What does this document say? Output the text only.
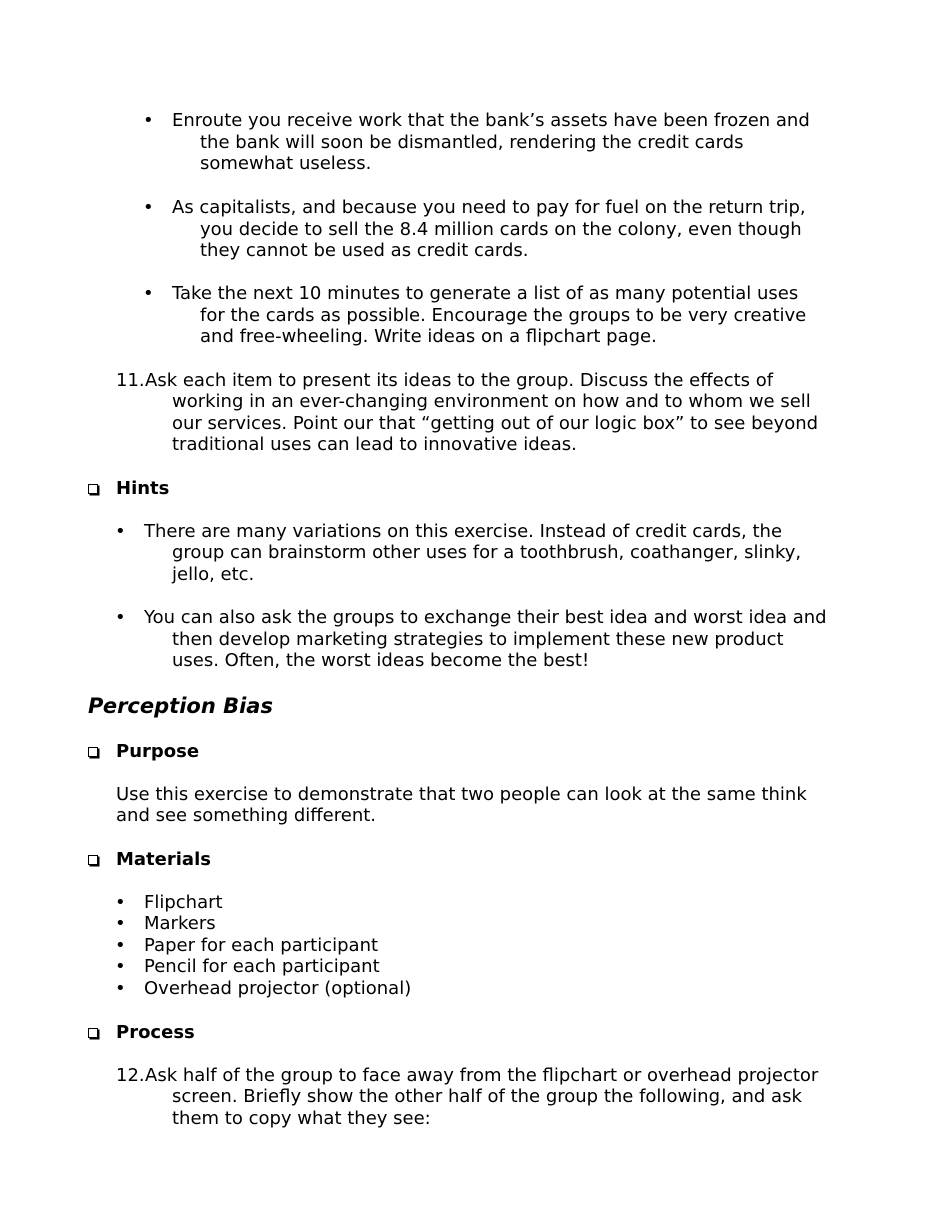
• Enroute you receive work that the bank’s assets have been frozen and
the bank will soon be dismantled, rendering the credit cards
somewhat useless.
• As capitalists, and because you need to pay for fuel on the return trip,
you decide to sell the 8.4 million cards on the colony, even though
they cannot be used as credit cards.
• Take the next 10 minutes to generate a list of as many potential uses
for the cards as possible. Encourage the groups to be very creative
and free-wheeling. Write ideas on a flipchart page.
11. Ask each item to present its ideas to the group. Discuss the effects of
working in an ever-changing environment on how and to whom we sell
our services. Point our that “getting out of our logic box” to see beyond
traditional uses can lead to innovative ideas.
Hints
• There are many variations on this exercise. Instead of credit cards, the
group can brainstorm other uses for a toothbrush, coathanger, slinky,
jello, etc.
• You can also ask the groups to exchange their best idea and worst idea and
then develop marketing strategies to implement these new product
uses. Often, the worst ideas become the best!
Perception Bias
Purpose
Use this exercise to demonstrate that two people can look at the same think
and see something different.
Materials
• Flipchart
• Markers
• Paper for each participant
• Pencil for each participant
• Overhead projector (optional)
Process
12. Ask half of the group to face away from the flipchart or overhead projector
screen. Briefly show the other half of the group the following, and ask
them to copy what they see:
